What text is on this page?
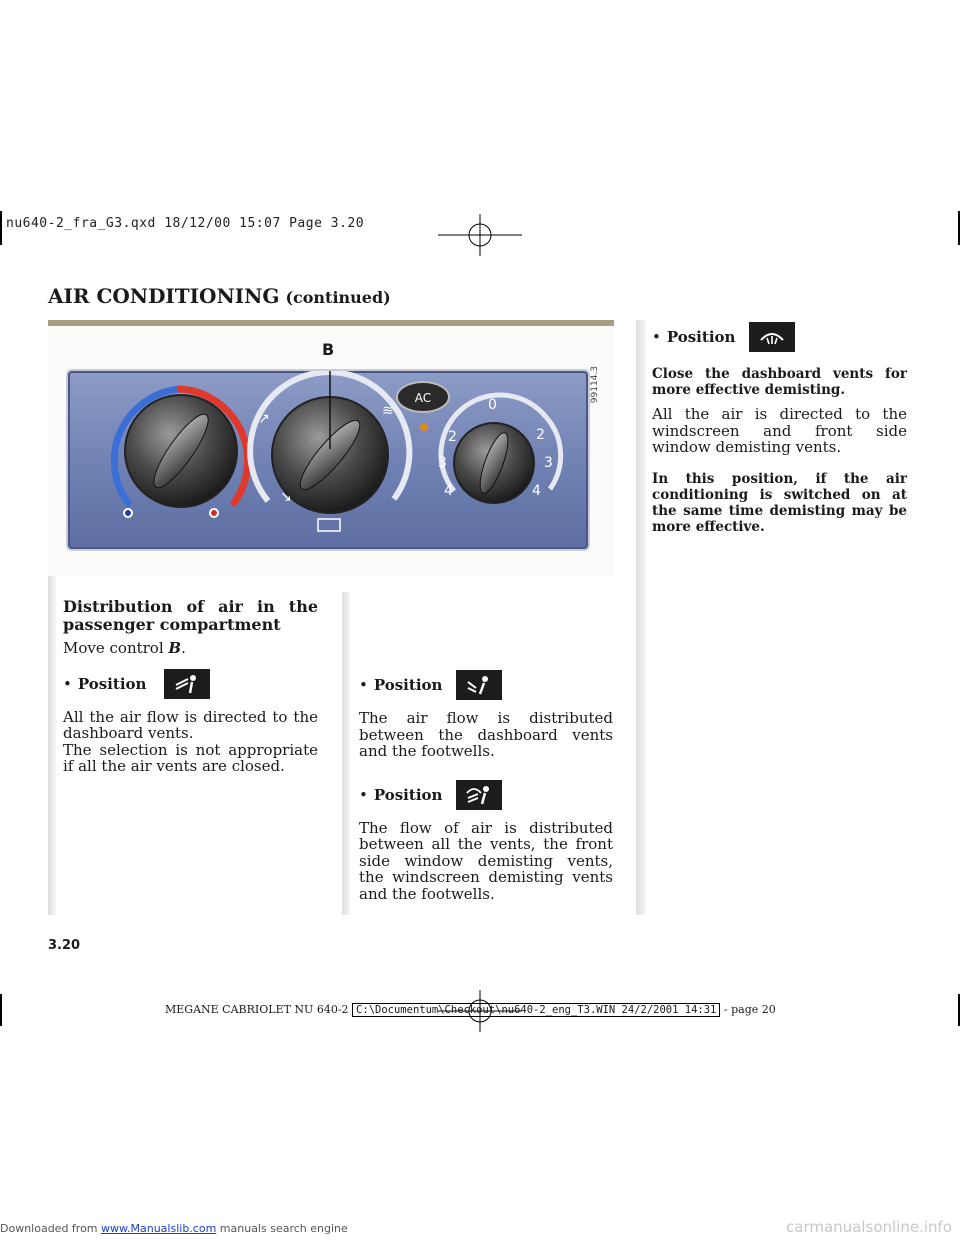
nu640-2_fra_G3.qxd 18/12/00 15:07 Page 3.20
AIR CONDITIONING (continued)
↗
↘
≋
AC	0
2	2
3	3
4	4
B
99114.3
Distribution of air in the passenger compartment
Move control B.
• Position
All the air flow is directed to the dashboard vents.
The selection is not appropriate if all the air vents are closed.
• Position
The air flow is distributed between the dashboard vents and the footwells.
• Position
The flow of air is distributed between all the vents, the front side window demisting vents, the windscreen demisting vents and the footwells.
• Position
Close the dashboard vents for more effective demisting.
All the air is directed to the windscreen and front side window demisting vents.
In this position, if the air conditioning is switched on at the same time demisting may be more effective.
3.20
MEGANE CABRIOLET NU 640-2 C:\Documentum\Checkout\nu640-2_eng_T3.WIN 24/2/2001 14:31 - page 20
Downloaded from www.Manualslib.com manuals search engine	carmanualsonline.info
